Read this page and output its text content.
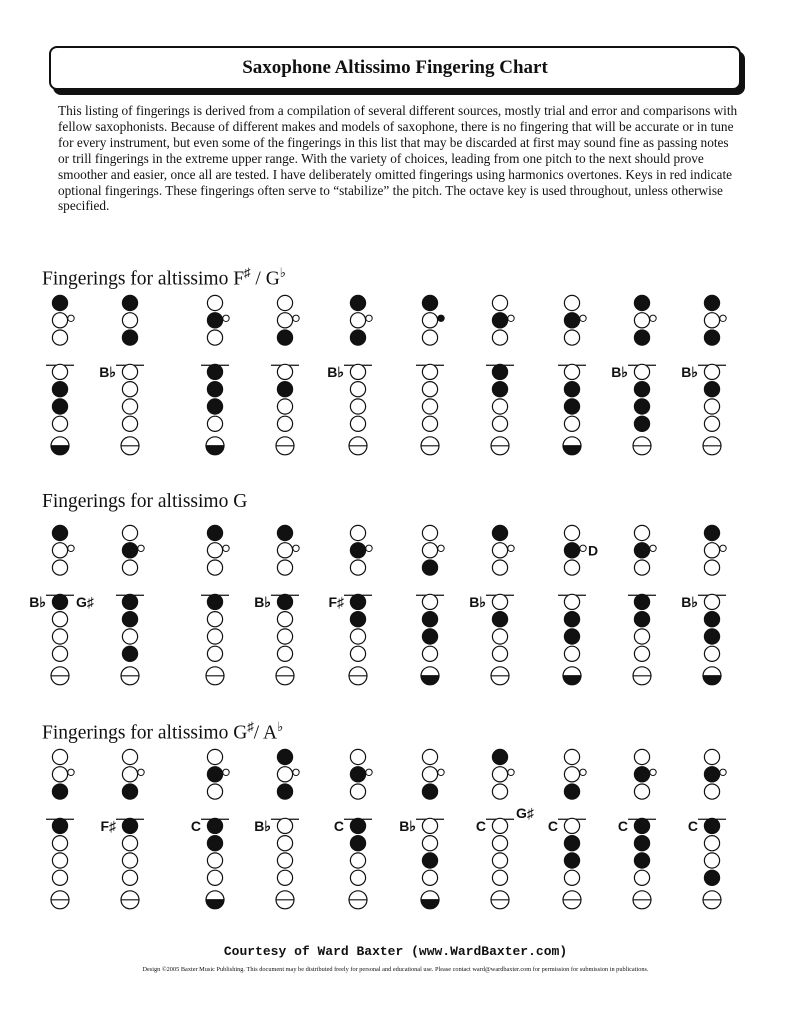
Saxophone Altissimo Fingering Chart

This listing of fingerings is derived from a compilation of several different sources, mostly trial and error and comparisons with fellow saxophonists. Because of different makes and models of saxophone, there is no fingering that will be accurate or in tune for every instrument, but even some of the fingerings in this list that may be discarded at first may sound fine as passing notes or trill fingerings in the extreme upper range. With the variety of choices, leading from one pitch to the next should prove smoother and easier, once all are tested. I have deliberately omitted fingerings using harmonics overtones. Keys in red indicate optional fingerings. These fingerings often serve to “stabilize” the pitch. The octave key is used throughout, unless otherwise specified.

Fingerings for altissimo F♯ / G♭
Fingerings for altissimo G
Fingerings for altissimo G♯/ A♭
B♭	B♭	B♭	B♭
B♭ G♯	B♭	F♯	B♭
D
B♭
F♯	C	B♭	C	B♭	C
G♯
C	C	C
Courtesy of Ward Baxter (www.WardBaxter.com)
Design ©2005 Baxter Music Publishing. This document may be distributed freely for personal and educational use. Please contact ward@wardbaxter.com for permission for submission in publications.
